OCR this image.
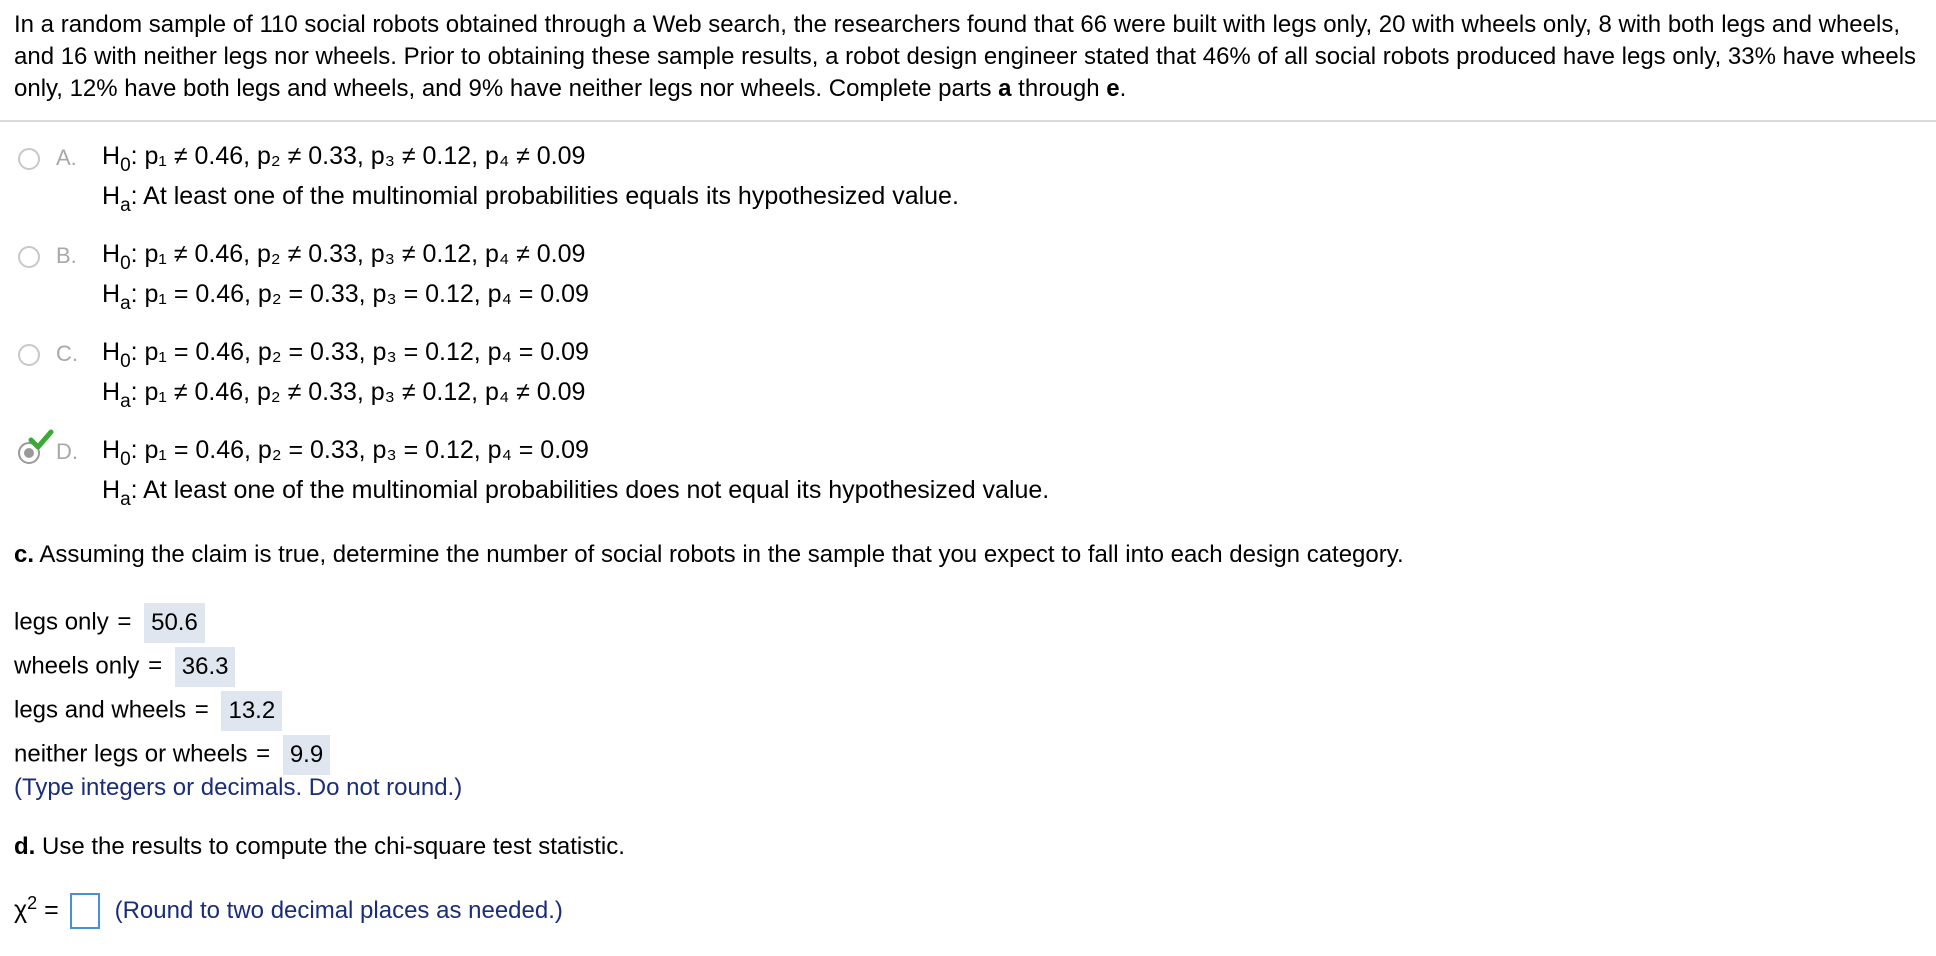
In a random sample of 110 social robots obtained through a Web search, the researchers found that 66 were built with legs only, 20 with wheels only, 8 with both legs and wheels, and 16 with neither legs nor wheels. Prior to obtaining these sample results, a robot design engineer stated that 46% of all social robots produced have legs only, 33% have wheels only, 12% have both legs and wheels, and 9% have neither legs nor wheels. Complete parts a through e.
A. $H_0$: p₁ ≠ 0.46, p₂ ≠ 0.33, p₃ ≠ 0.12, p₄ ≠ 0.09
$H_a$: At least one of the multinomial probabilities equals its hypothesized value.
B. $H_0$: p₁ ≠ 0.46, p₂ ≠ 0.33, p₃ ≠ 0.12, p₄ ≠ 0.09
$H_a$: p₁ = 0.46, p₂ = 0.33, p₃ = 0.12, p₄ = 0.09
C. $H_0$: p₁ = 0.46, p₂ = 0.33, p₃ = 0.12, p₄ = 0.09
$H_a$: p₁ ≠ 0.46, p₂ ≠ 0.33, p₃ ≠ 0.12, p₄ ≠ 0.09
D. $H_0$: p₁ = 0.46, p₂ = 0.33, p₃ = 0.12, p₄ = 0.09
$H_a$: At least one of the multinomial probabilities does not equal its hypothesized value.
c. Assuming the claim is true, determine the number of social robots in the sample that you expect to fall into each design category.
legs only = 50.6
wheels only = 36.3
legs and wheels = 13.2
neither legs or wheels = 9.9
(Type integers or decimals. Do not round.)
d. Use the results to compute the chi-square test statistic.
$\chi^2$ = (Round to two decimal places as needed.)
